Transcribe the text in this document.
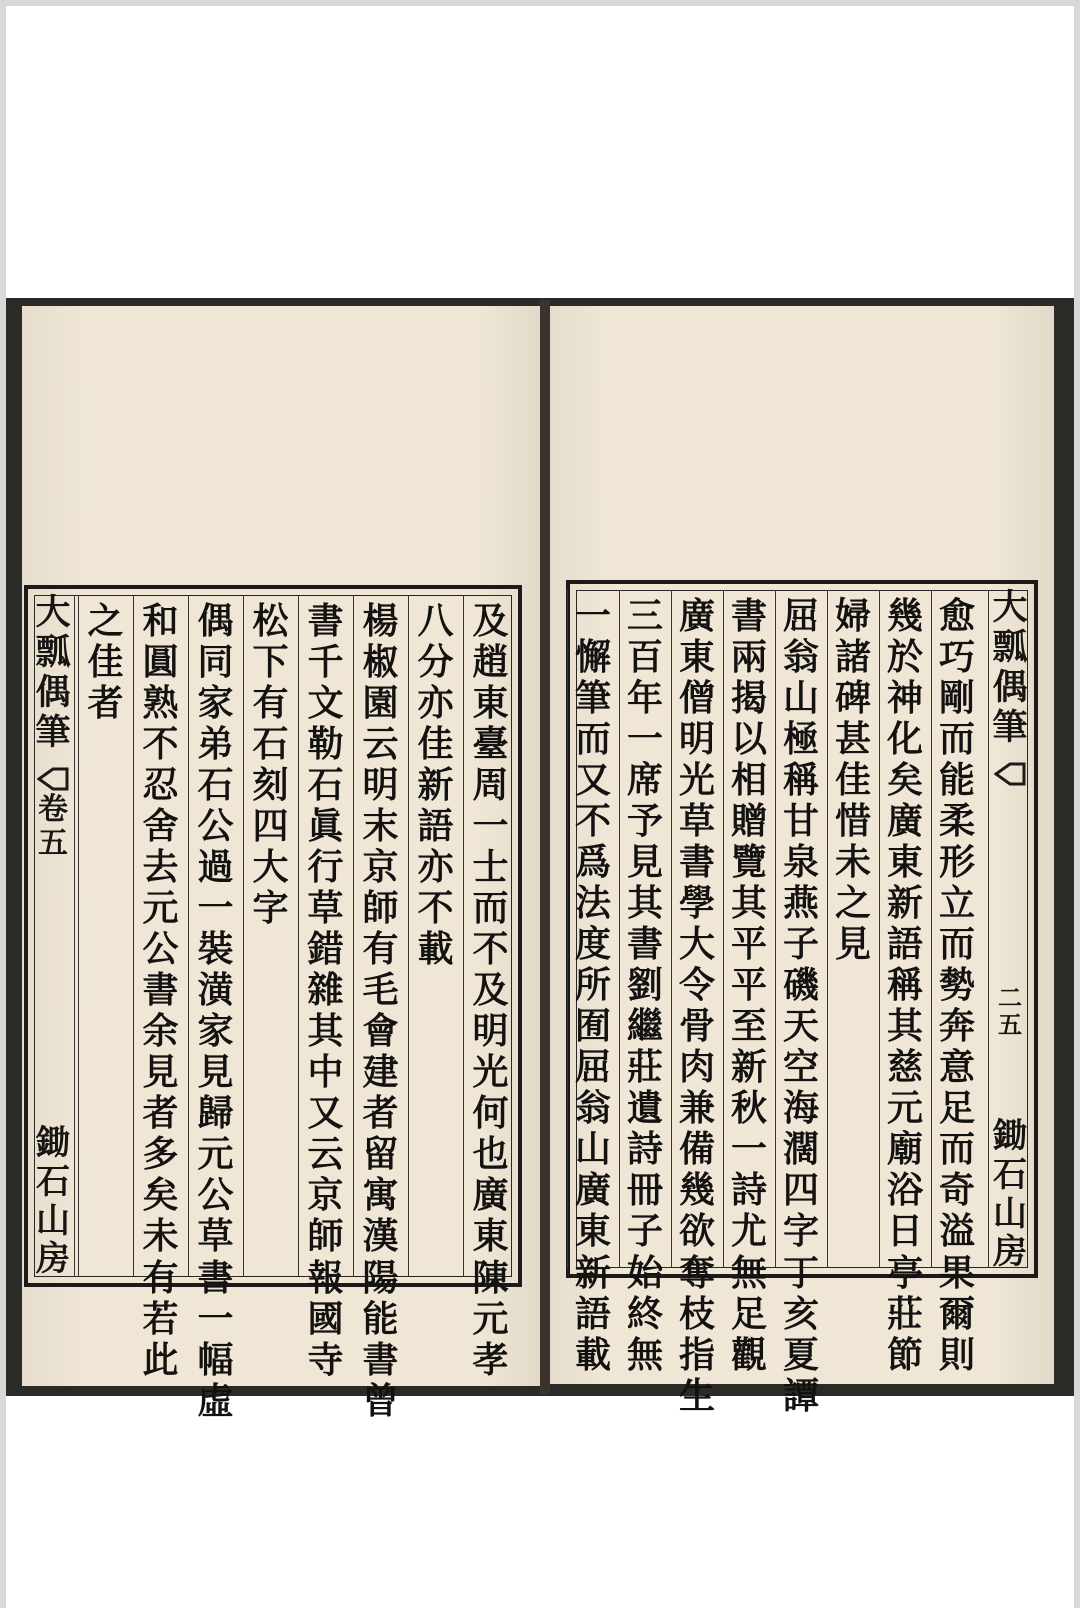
大
瓢
偶
筆
卷
五
鋤
石
山
房
及
趙
東
臺
周
一
士
而
不
及
明
光
何
也
廣
東
陳
元
孝
八
分
亦
佳
新
語
亦
不
載
楊
椒
園
云
明
末
京
師
有
毛
會
建
者
留
寓
漢
陽
能
書
曾
書
千
文
勒
石
眞
行
草
錯
雜
其
中
又
云
京
師
報
國
寺
松
下
有
石
刻
四
大
字
偶
同
家
弟
石
公
過
一
裝
潢
家
見
歸
元
公
草
書
一
幅
虛
和
圓
熟
不
忍
舍
去
元
公
書
余
見
者
多
矣
未
有
若
此
之
佳
者
愈
巧
剛
而
能
柔
形
立
而
勢
奔
意
足
而
奇
溢
果
爾
則
幾
於
神
化
矣
廣
東
新
語
稱
其
慈
元
廟
浴
日
亭
莊
節
婦
諸
碑
甚
佳
惜
未
之
見
屈
翁
山
極
稱
甘
泉
燕
子
磯
天
空
海
濶
四
字
丁
亥
夏
譚
書
兩
揭
以
相
贈
覽
其
平
平
至
新
秋
一
詩
尤
無
足
觀
廣
東
僧
明
光
草
書
學
大
令
骨
肉
兼
備
幾
欲
奪
枝
指
生
三
百
年
一
席
予
見
其
書
劉
繼
莊
遺
詩
冊
子
始
終
無
一
懈
筆
而
又
不
爲
法
度
所
囿
屈
翁
山
廣
東
新
語
載
大
瓢
偶
筆
二
五
鋤
石
山
房
